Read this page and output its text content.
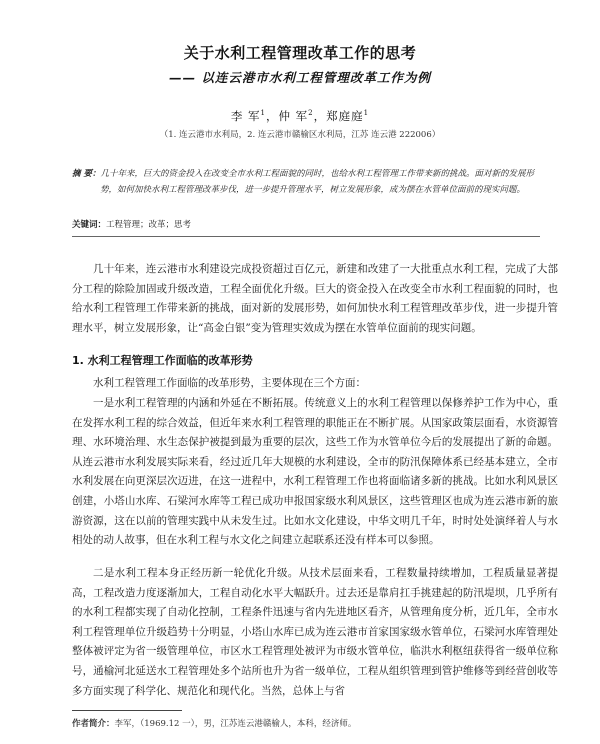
关于水利工程管理改革工作的思考
—— 以连云港市水利工程管理改革工作为例
李 军$^1$，仲 军$^2$，郑庭庭$^1$
（1. 连云港市水利局，2. 连云港市赣榆区水利局，江苏 连云港 222006）
摘 要：几十年来，巨大的资金投入在改变全市水利工程面貌的同时，也给水利工程管理工作带来新的挑战。面对新的发展形势，如何加快水利工程管理改革步伐，进一步提升管理水平，树立发展形象，成为摆在水管单位面前的现实问题。
关键词：工程管理；改革；思考

几十年来，连云港市水利建设完成投资超过百亿元，新建和改建了一大批重点水利工程，完成了大部分工程的除险加固或升级改造，工程全面优化升级。巨大的资金投入在改变全市水利工程面貌的同时，也给水利工程管理工作带来新的挑战，面对新的发展形势，如何加快水利工程管理改革步伐，进一步提升管理水平，树立发展形象，让“高金白银”变为管理实效成为摆在水管单位面前的现实问题。

1. 水利工程管理工作面临的改革形势

水利工程管理工作面临的改革形势，主要体现在三个方面：

一是水利工程管理的内涵和外延在不断拓展。传统意义上的水利工程管理以保修养护工作为中心，重在发挥水利工程的综合效益，但近年来水利工程管理的职能正在不断扩展。从国家政策层面看，水资源管理、水环境治理、水生态保护被提到最为重要的层次，这些工作为水管单位今后的发展提出了新的命题。从连云港市水利发展实际来看，经过近几年大规模的水利建设，全市的防汛保障体系已经基本建立，全市水利发展在向更深层次迈进，在这一进程中，水利工程管理工作也将面临诸多新的挑战。比如水利风景区创建，小塔山水库、石梁河水库等工程已成功申报国家级水利风景区，这些管理区也成为连云港市新的旅游资源，这在以前的管理实践中从未发生过。比如水文化建设，中华文明几千年，时时处处演绎着人与水相处的动人故事，但在水利工程与水文化之间建立起联系还没有样本可以参照。

二是水利工程本身正经历新一轮优化升级。从技术层面来看，工程数量持续增加，工程质量显著提高，工程改造力度逐渐加大，工程自动化水平大幅跃升。过去还是靠肩扛手挑建起的防汛堤坝，几乎所有的水利工程都实现了自动化控制，工程条件迅速与省内先进地区看齐，从管理角度分析，近几年，全市水利工程管理单位升级趋势十分明显，小塔山水库已成为连云港市首家国家级水管单位，石梁河水库管理处整体被评定为省一级管理单位，市区水工程管理处被评为市级水管单位，临洪水利枢纽获得省一级单位称号，通榆河北延送水工程管理处多个站所也升为省一级单位，工程从组织管理到管护维修等到经营创收等多方面实现了科学化、规范化和现代化。当然，总体上与省

作者简介：李军，（1969.12 一），男，江苏连云港赣榆人，本科，经济师。
